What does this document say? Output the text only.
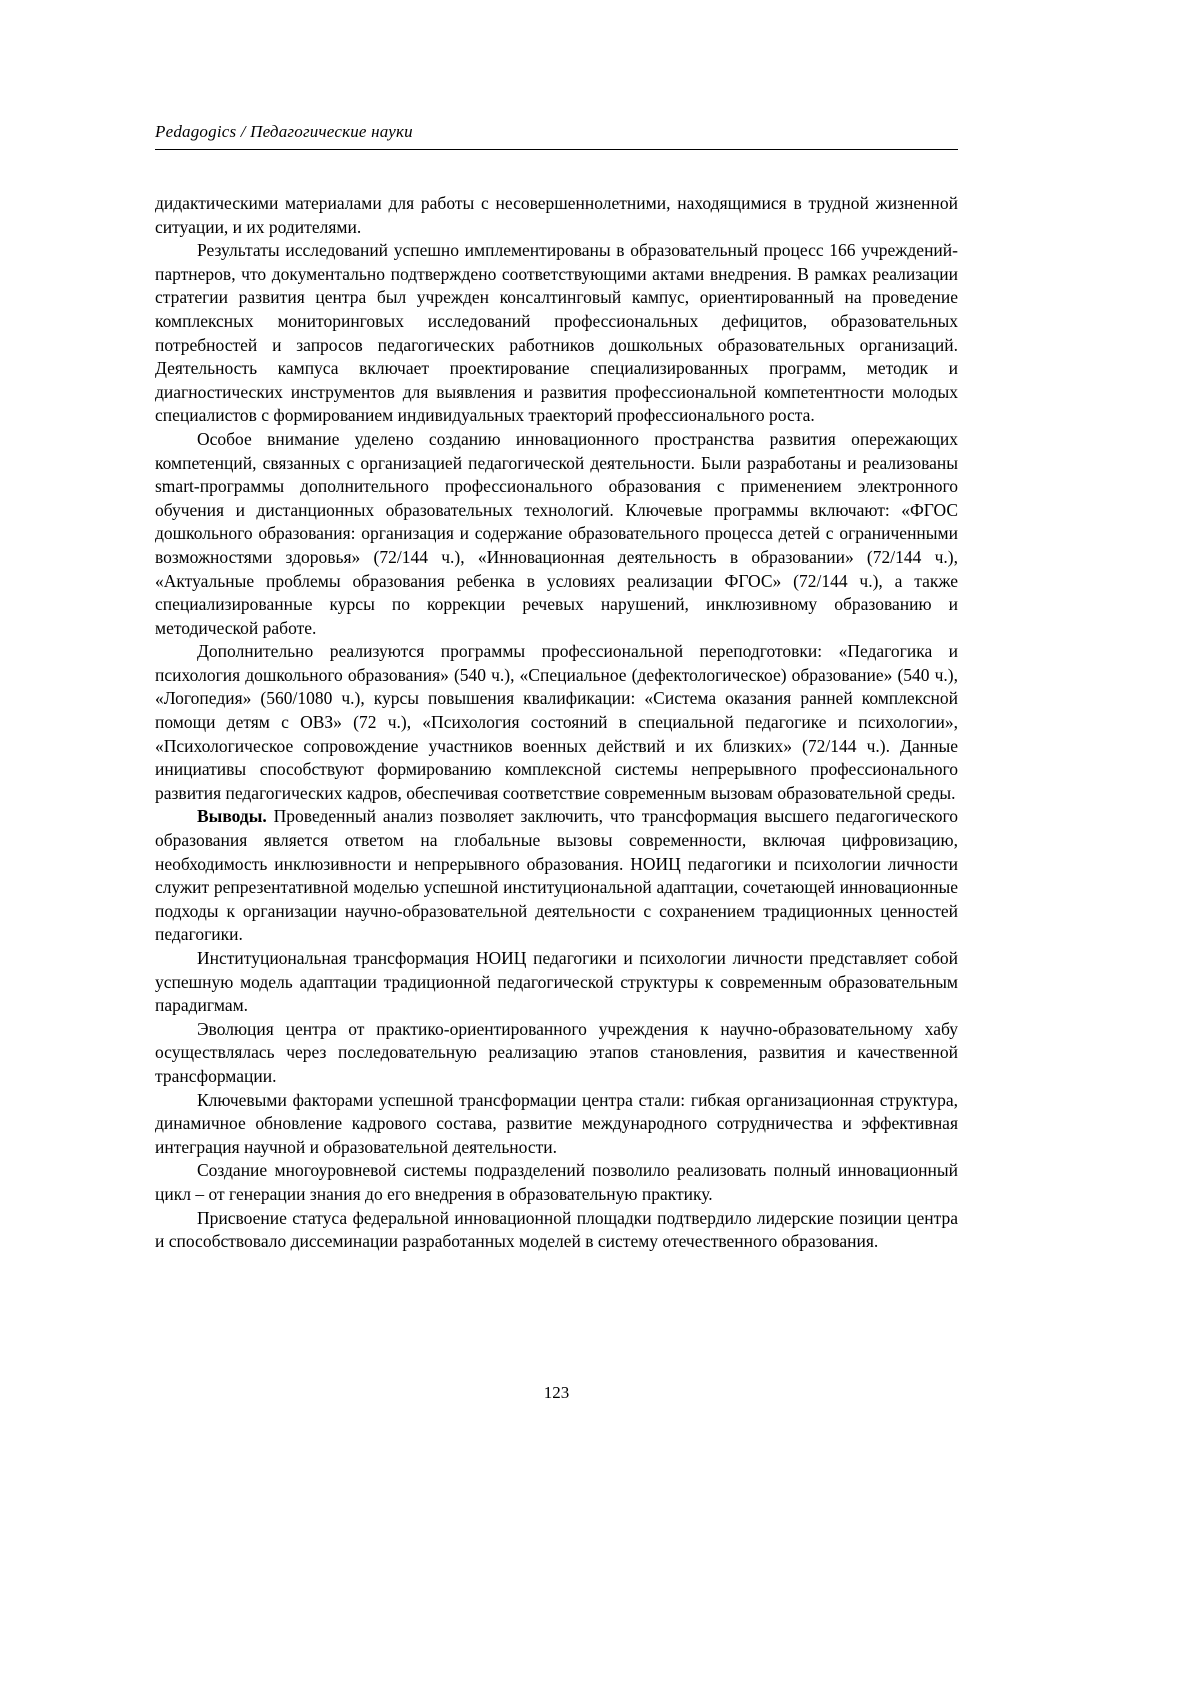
Pedagogics / Педагогические науки

дидактическими материалами для работы с несовершеннолетними, находящимися в трудной жизненной ситуации, и их родителями.

Результаты исследований успешно имплементированы в образовательный процесс 166 учреждений-партнеров, что документально подтверждено соответствующими актами внедрения. В рамках реализации стратегии развития центра был учрежден консалтинговый кампус, ориентированный на проведение комплексных мониторинговых исследований профессиональных дефицитов, образовательных потребностей и запросов педагогических работников дошкольных образовательных организаций. Деятельность кампуса включает проектирование специализированных программ, методик и диагностических инструментов для выявления и развития профессиональной компетентности молодых специалистов с формированием индивидуальных траекторий профессионального роста.

Особое внимание уделено созданию инновационного пространства развития опережающих компетенций, связанных с организацией педагогической деятельности. Были разработаны и реализованы smart-программы дополнительного профессионального образования с применением электронного обучения и дистанционных образовательных технологий. Ключевые программы включают: «ФГОС дошкольного образования: организация и содержание образовательного процесса детей с ограниченными возможностями здоровья» (72/144 ч.), «Инновационная деятельность в образовании» (72/144 ч.), «Актуальные проблемы образования ребенка в условиях реализации ФГОС» (72/144 ч.), а также специализированные курсы по коррекции речевых нарушений, инклюзивному образованию и методической работе.

Дополнительно реализуются программы профессиональной переподготовки: «Педагогика и психология дошкольного образования» (540 ч.), «Специальное (дефектологическое) образование» (540 ч.), «Логопедия» (560/1080 ч.), курсы повышения квалификации: «Система оказания ранней комплексной помощи детям с ОВЗ» (72 ч.), «Психология состояний в специальной педагогике и психологии», «Психологическое сопровождение участников военных действий и их близких» (72/144 ч.). Данные инициативы способствуют формированию комплексной системы непрерывного профессионального развития педагогических кадров, обеспечивая соответствие современным вызовам образовательной среды.

Выводы. Проведенный анализ позволяет заключить, что трансформация высшего педагогического образования является ответом на глобальные вызовы современности, включая цифровизацию, необходимость инклюзивности и непрерывного образования. НОИЦ педагогики и психологии личности служит репрезентативной моделью успешной институциональной адаптации, сочетающей инновационные подходы к организации научно-образовательной деятельности с сохранением традиционных ценностей педагогики.

Институциональная трансформация НОИЦ педагогики и психологии личности представляет собой успешную модель адаптации традиционной педагогической структуры к современным образовательным парадигмам.

Эволюция центра от практико-ориентированного учреждения к научно-образовательному хабу осуществлялась через последовательную реализацию этапов становления, развития и качественной трансформации.

Ключевыми факторами успешной трансформации центра стали: гибкая организационная структура, динамичное обновление кадрового состава, развитие международного сотрудничества и эффективная интеграция научной и образовательной деятельности.

Создание многоуровневой системы подразделений позволило реализовать полный инновационный цикл – от генерации знания до его внедрения в образовательную практику.

Присвоение статуса федеральной инновационной площадки подтвердило лидерские позиции центра и способствовало диссеминации разработанных моделей в систему отечественного образования.

123
